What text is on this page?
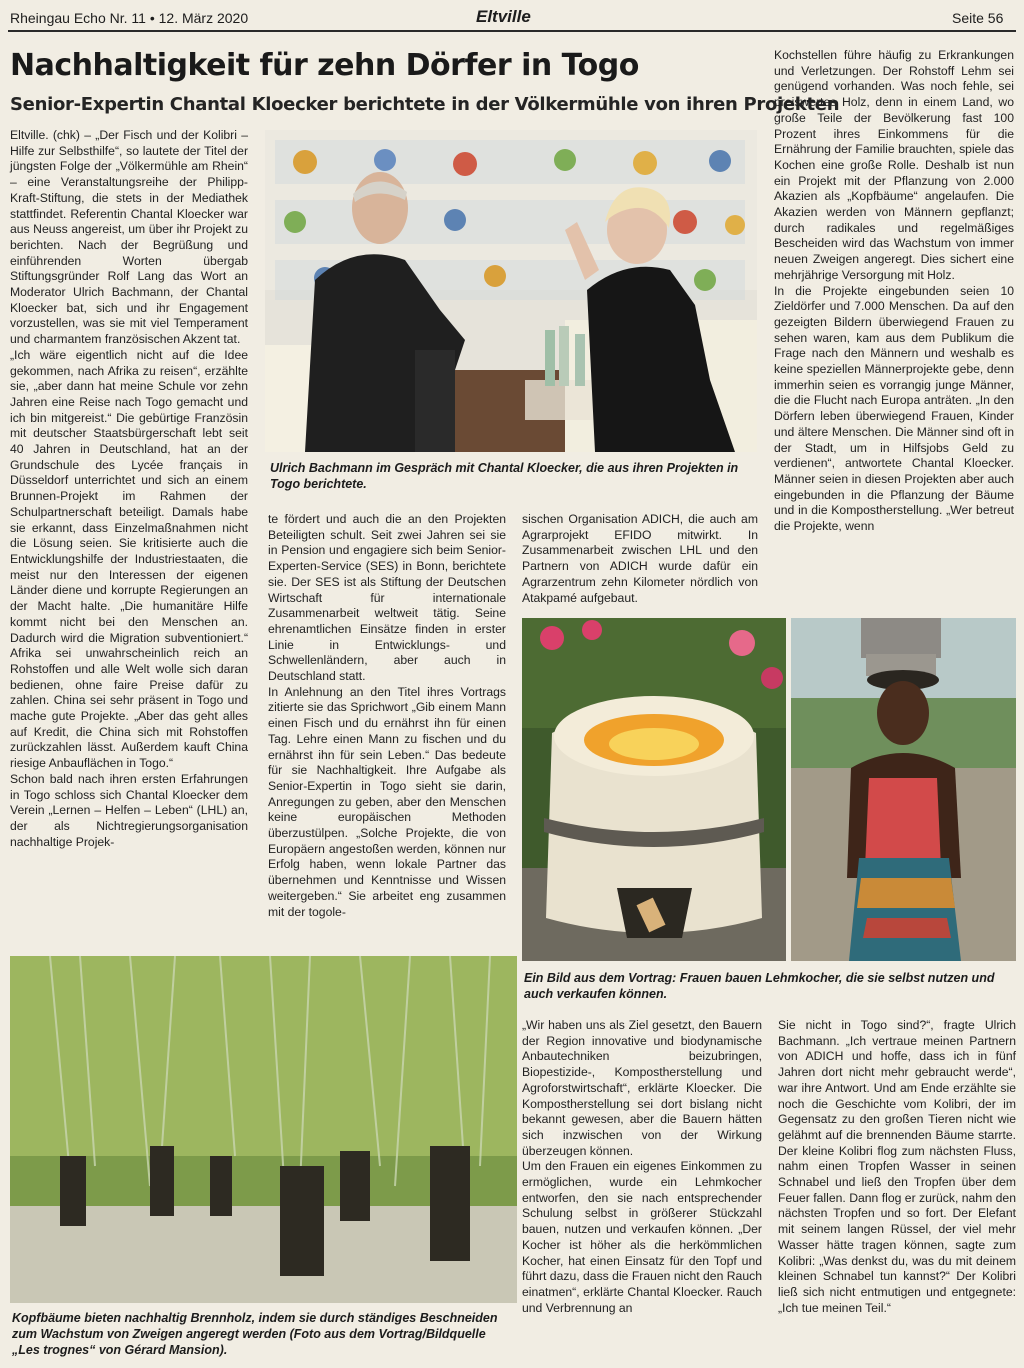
Rheingau Echo Nr. 11 • 12. März 2020	Eltville	Seite 56

Nachhaltigkeit für zehn Dörfer in Togo
Senior-Expertin Chantal Kloecker berichtete in der Völkermühle von ihren Projekten

Eltville. (chk) – „Der Fisch und der Kolibri – Hilfe zur Selbsthilfe“, so lautete der Titel der jüngsten Folge der „Völkermühle am Rhein“ – eine Veranstaltungsreihe der Philipp-Kraft-Stiftung, die stets in der Mediathek stattfindet. Referentin Chantal Kloecker war aus Neuss angereist, um über ihr Projekt zu berichten. Nach der Begrüßung und einführenden Worten übergab Stiftungsgründer Rolf Lang das Wort an Moderator Ulrich Bachmann, der Chantal Kloecker bat, sich und ihr Engagement vorzustellen, was sie mit viel Temperament und charmantem französischen Akzent tat.

„Ich wäre eigentlich nicht auf die Idee gekommen, nach Afrika zu reisen“, erzählte sie, „aber dann hat meine Schule vor zehn Jahren eine Reise nach Togo gemacht und ich bin mitgereist.“ Die gebürtige Französin mit deutscher Staatsbürgerschaft lebt seit 40 Jahren in Deutschland, hat an der Grundschule des Lycée français in Düsseldorf unterrichtet und sich an einem Brunnen-Projekt im Rahmen der Schulpartnerschaft beteiligt. Damals habe sie erkannt, dass Einzelmaßnahmen nicht die Lösung seien. Sie kritisierte auch die Entwicklungshilfe der Industriestaaten, die meist nur den Interessen der eigenen Länder diene und korrupte Regierungen an der Macht halte. „Die humanitäre Hilfe kommt nicht bei den Menschen an. Dadurch wird die Migration subventioniert.“ Afrika sei unwahrscheinlich reich an Rohstoffen und alle Welt wolle sich daran bedienen, ohne faire Preise dafür zu zahlen. China sei sehr präsent in Togo und mache gute Projekte. „Aber das geht alles auf Kredit, die China sich mit Rohstoffen zurückzahlen lässt. Außerdem kauft China riesige Anbauflächen in Togo.“

Schon bald nach ihren ersten Erfahrungen in Togo schloss sich Chantal Kloecker dem Verein „Lernen – Helfen – Leben“ (LHL) an, der als Nichtregierungsorganisation nachhaltige Projek-

Ulrich Bachmann im Gespräch mit Chantal Kloecker, die aus ihren Projekten in Togo berichtete.

te fördert und auch die an den Projekten Beteiligten schult. Seit zwei Jahren sei sie in Pension und engagiere sich beim Senior-Experten-Service (SES) in Bonn, berichtete sie. Der SES ist als Stiftung der Deutschen Wirtschaft für internationale Zusammenarbeit weltweit tätig. Seine ehrenamtlichen Einsätze finden in erster Linie in Entwicklungs- und Schwellenländern, aber auch in Deutschland statt.

In Anlehnung an den Titel ihres Vortrags zitierte sie das Sprichwort „Gib einem Mann einen Fisch und du ernährst ihn für einen Tag. Lehre einen Mann zu fischen und du ernährst ihn für sein Leben.“ Das bedeute für sie Nachhaltigkeit. Ihre Aufgabe als Senior-Expertin in Togo sieht sie darin, Anregungen zu geben, aber den Menschen keine europäischen Methoden überzustülpen. „Solche Projekte, die von Europäern angestoßen werden, können nur Erfolg haben, wenn lokale Partner das übernehmen und Kenntnisse und Wissen weitergeben.“ Sie arbeitet eng zusammen mit der togole-

sischen Organisation ADICH, die auch am Agrarprojekt EFIDO mitwirkt. In Zusammenarbeit zwischen LHL und den Partnern von ADICH wurde dafür ein Agrarzentrum zehn Kilometer nördlich von Atakpamé aufgebaut.

Kochstellen führe häufig zu Erkrankungen und Verletzungen. Der Rohstoff Lehm sei genügend vorhanden. Was noch fehle, sei preiswertes Holz, denn in einem Land, wo große Teile der Bevölkerung fast 100 Prozent ihres Einkommens für die Ernährung der Familie brauchten, spiele das Kochen eine große Rolle. Deshalb ist nun ein Projekt mit der Pflanzung von 2.000 Akazien als „Kopfbäume“ angelaufen. Die Akazien werden von Männern gepflanzt; durch radikales und regelmäßiges Bescheiden wird das Wachstum von immer neuen Zweigen angeregt. Dies sichert eine mehrjährige Versorgung mit Holz.

In die Projekte eingebunden seien 10 Zieldörfer und 7.000 Menschen. Da auf den gezeigten Bildern überwiegend Frauen zu sehen waren, kam aus dem Publikum die Frage nach den Männern und weshalb es keine speziellen Männerprojekte gebe, denn immerhin seien es vorrangig junge Männer, die die Flucht nach Europa anträten. „In den Dörfern leben überwiegend Frauen, Kinder und ältere Menschen. Die Männer sind oft in der Stadt, um in Hilfsjobs Geld zu verdienen“, antwortete Chantal Kloecker. Männer seien in diesen Projekten aber auch eingebunden in die Pflanzung der Bäume und in die Kompostherstellung. „Wer betreut die Projekte, wenn

Ein Bild aus dem Vortrag: Frauen bauen Lehmkocher, die sie selbst nutzen und auch verkaufen können.
Kopfbäume bieten nachhaltig Brennholz, indem sie durch ständiges Beschneiden zum Wachstum von Zweigen angeregt werden (Foto aus dem Vortrag/Bildquelle „Les trognes“ von Gérard Mansion).

„Wir haben uns als Ziel gesetzt, den Bauern der Region innovative und biodynamische Anbautechniken beizubringen, Biopestizide-, Kompostherstellung und Agroforstwirtschaft“, erklärte Kloecker. Die Kompostherstellung sei dort bislang nicht bekannt gewesen, aber die Bauern hätten sich inzwischen von der Wirkung überzeugen können.

Um den Frauen ein eigenes Einkommen zu ermöglichen, wurde ein Lehmkocher entworfen, den sie nach entsprechender Schulung selbst in größerer Stückzahl bauen, nutzen und verkaufen können. „Der Kocher ist höher als die herkömmlichen Kocher, hat einen Einsatz für den Topf und führt dazu, dass die Frauen nicht den Rauch einatmen“, erklärte Chantal Kloecker. Rauch und Verbrennung an

Sie nicht in Togo sind?“, fragte Ulrich Bachmann. „Ich vertraue meinen Partnern von ADICH und hoffe, dass ich in fünf Jahren dort nicht mehr gebraucht werde“, war ihre Antwort. Und am Ende erzählte sie noch die Geschichte vom Kolibri, der im Gegensatz zu den großen Tieren nicht wie gelähmt auf die brennenden Bäume starrte. Der kleine Kolibri flog zum nächsten Fluss, nahm einen Tropfen Wasser in seinen Schnabel und ließ den Tropfen über dem Feuer fallen. Dann flog er zurück, nahm den nächsten Tropfen und so fort. Der Elefant mit seinem langen Rüssel, der viel mehr Wasser hätte tragen können, sagte zum Kolibri: „Was denkst du, was du mit deinem kleinen Schnabel tun kannst?“ Der Kolibri ließ sich nicht entmutigen und entgegnete: „Ich tue meinen Teil.“
